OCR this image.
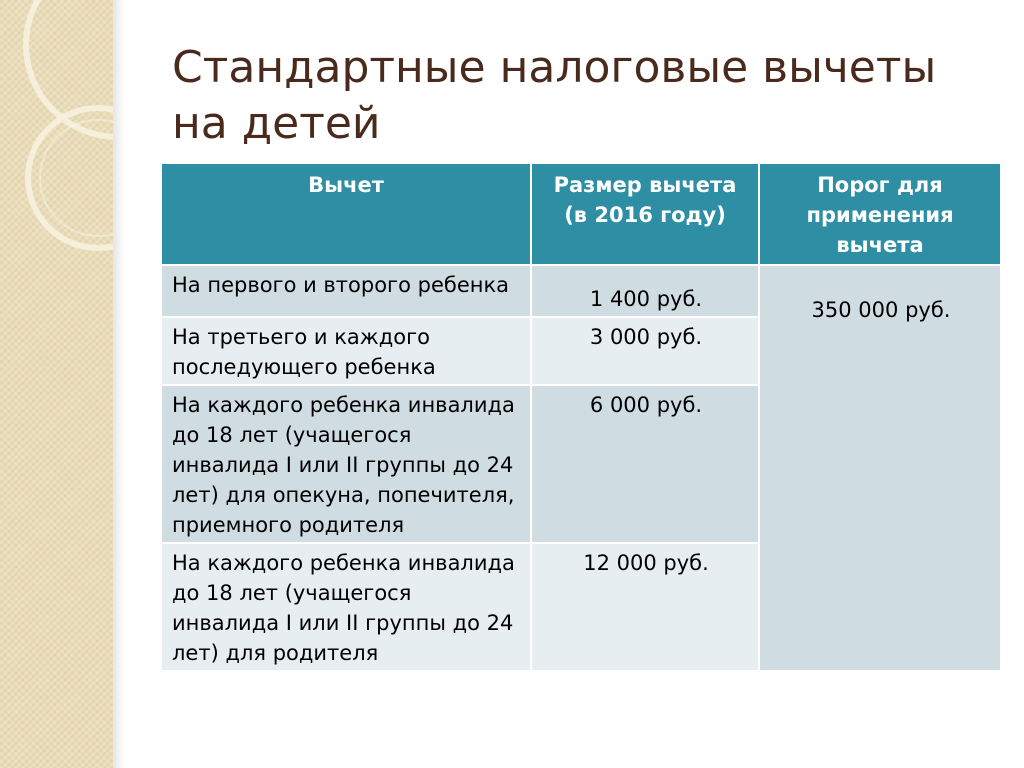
Стандартные налоговые вычеты на детей
Вычет	Размер вычета (в 2016 году)	Порог для применения вычета
На первого и второго ребенка	1 400 руб.	350 000 руб.
На третьего и каждого последующего ребенка	3 000 руб.	
На каждого ребенка инвалида до 18 лет (учащегося инвалида I или II группы до 24 лет) для опекуна, попечителя, приемного родителя	6 000 руб.	
На каждого ребенка инвалида до 18 лет (учащегося инвалида I или II группы до 24 лет) для родителя	12 000 руб.	
